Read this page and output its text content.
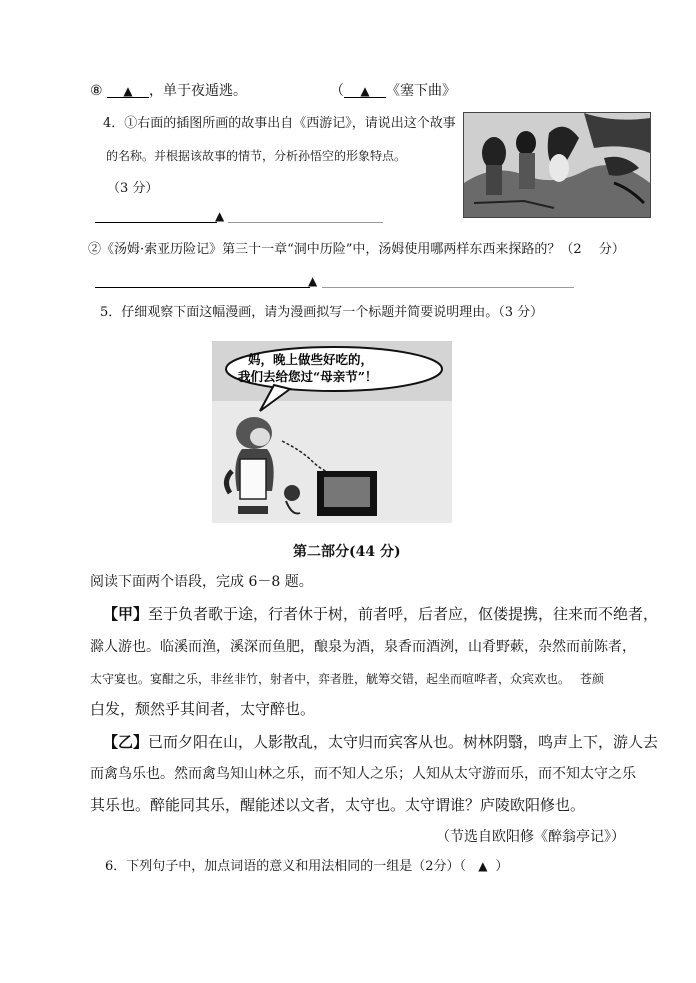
⑧ ▲ ，单于夜遁逃。	（ ▲ 《塞下曲》
4．①右面的插图所画的故事出自《西游记》，请说出这个故事
的名称。并根据该故事的情节，分析孙悟空的形象特点。
（3 分）
▲
②《汤姆·索亚历险记》第三十一章“洞中历险”中，汤姆使用哪两样东西来探路的？（2　 分）
▲
5．仔细观察下面这幅漫画，请为漫画拟写一个标题并简要说明理由。（3 分）
妈，晚上做些好吃的，
我们去给您过“母亲节”！
第二部分(44 分)
阅读下面两个语段，完成 6－8 题。
【甲】至于负者歌于途，行者休于树，前者呼，后者应，伛偻提携，往来而不绝者，
滁人游也。临溪而渔，溪深而鱼肥，酿泉为酒，泉香而酒洌，山肴野蔌，杂然而前陈者，
太守宴也。宴酣之乐，非丝非竹，射者中，弈者胜，觥筹交错，起坐而喧哗者，众宾欢也。　 苍颜
白发，颓然乎其间者，太守醉也。
【乙】已而夕阳在山，人影散乱，太守归而宾客从也。树林阴翳，鸣声上下，游人去
而禽鸟乐也。然而禽鸟知山林之乐，而不知人之乐；人知从太守游而乐，而不知太守之乐
其乐也。醉能同其乐，醒能述以文者，太守也。太守谓谁？庐陵欧阳修也。
（节选自欧阳修《醉翁亭记》）
6．下列句子中，加点词语的意义和用法相同的一组是（2分）（ ▲ ）
